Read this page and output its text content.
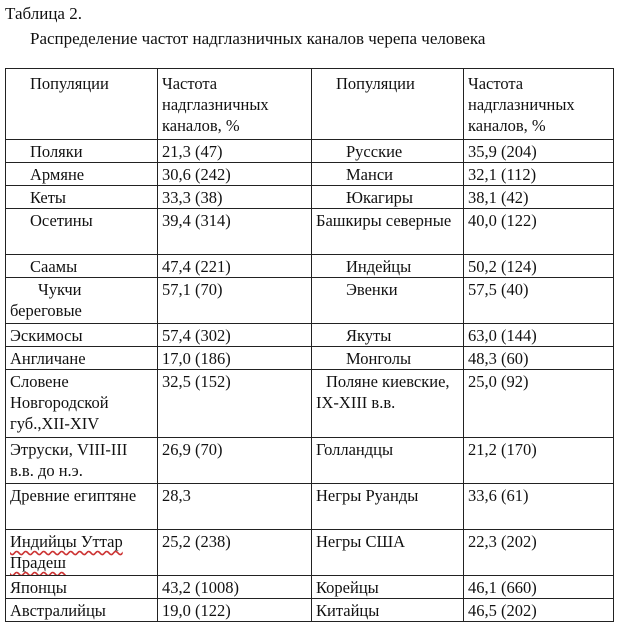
Таблица 2.
Распределение частот надглазничных каналов черепа человека
Популяции	Частота надглазничных каналов, %	Популяции	Частота надглазничных каналов, %
Поляки	21,3 (47)	Русские	35,9 (204)
Армяне	30,6 (242)	Манси	32,1 (112)
Кеты	33,3 (38)	Юкагиры	38,1 (42)
Осетины	39,4 (314)	Башкиры северные	40,0 (122)
Саамы	47,4 (221)	Индейцы	50,2 (124)
Чукчи береговые	57,1 (70)	Эвенки	57,5 (40)
Эскимосы	57,4 (302)	Якуты	63,0 (144)
Англичане	17,0 (186)	Монголы	48,3 (60)
Словене Новгородской губ.,XII-XIV	32,5 (152)	Поляне киевские, IX-XIII в.в.	25,0 (92)
Этруски, VIII-III в.в. до н.э.	26,9 (70)	Голландцы	21,2 (170)
Древние египтяне	28,3	Негры Руанды	33,6 (61)
Индийцы Уттар Прадеш	25,2 (238)	Негры США	22,3 (202)
Японцы	43,2 (1008)	Корейцы	46,1 (660)
Австралийцы	19,0 (122)	Китайцы	46,5 (202)
